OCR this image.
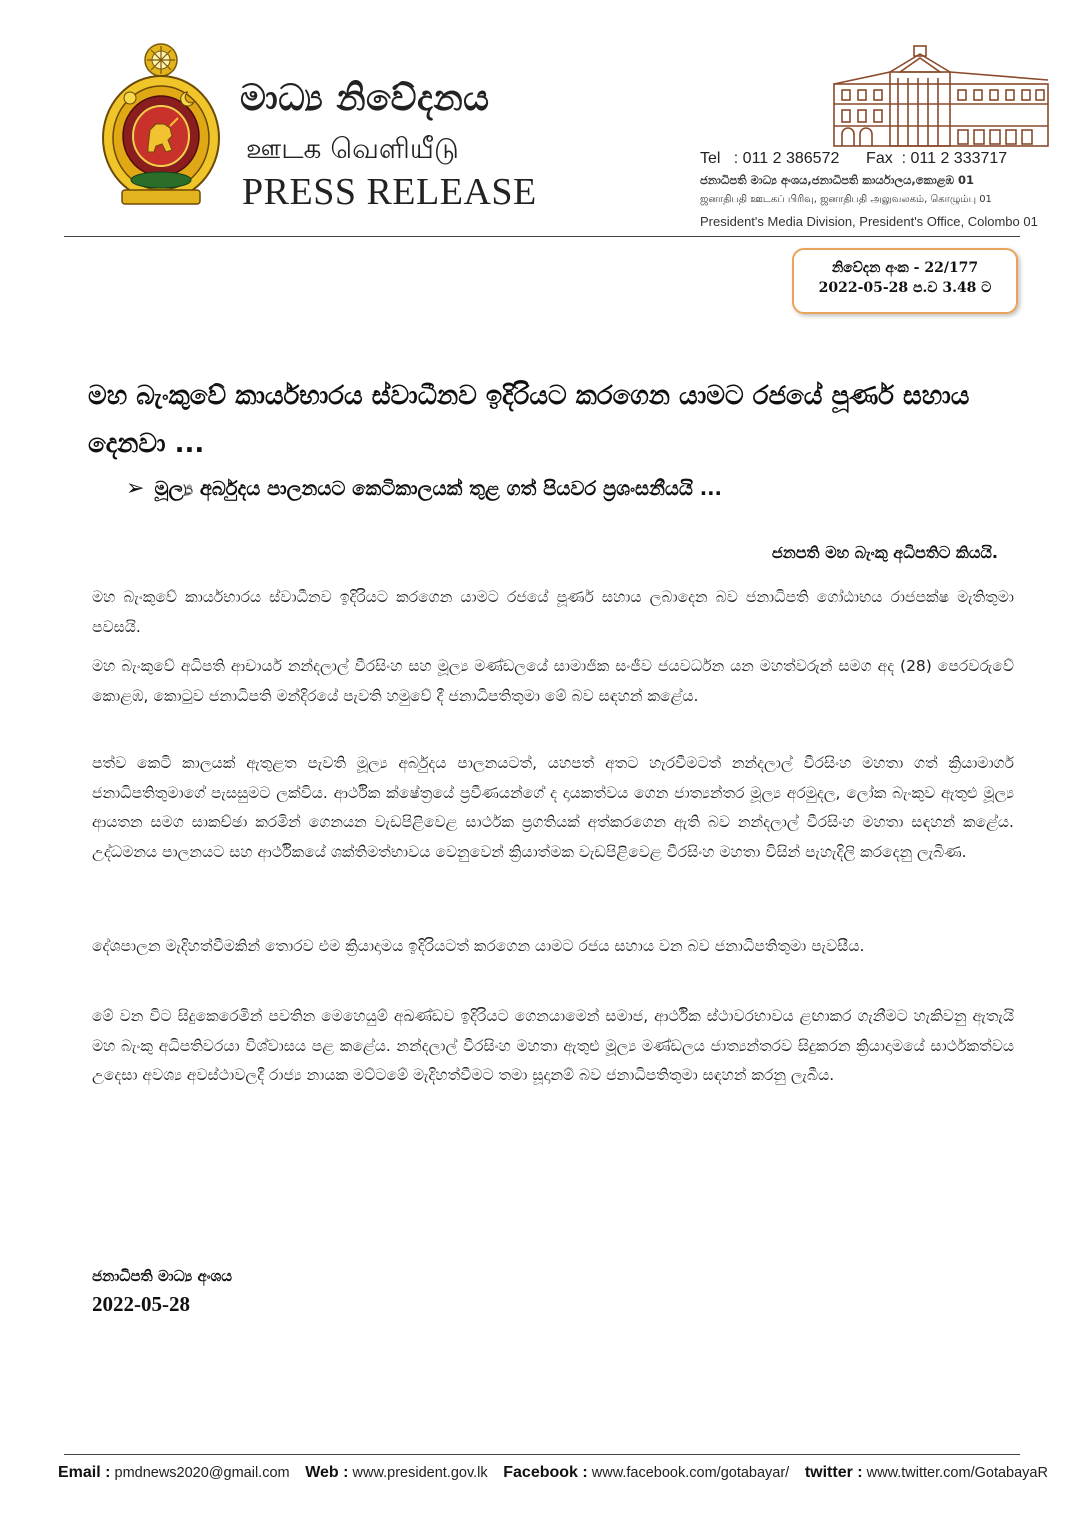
මාධ්‍ය නිවේදනය
ஊடக வெளியீடு
PRESS RELEASE
Tel   : 011 2 386572 Fax  : 011 2 333717
ජනාධිපති මාධ්‍ය අංශය,ජනාධිපති කාර්යාලය,කොළඹ 01
ஜனாதிபதி ஊடகப் பிரிவு, ஜனாதிபதி அலுவலகம், கொழும்பு 01
President's Media Division, President's Office, Colombo 01
නිවේදන අංක - 22/177
2022-05-28 ප.ව 3.48 ට
මහ බැංකුවේ කාර්යභාරය ස්වාධීනව ඉදිරියට කරගෙන යාමට රජයේ පූර්ණ සහාය දෙනවා ...
➢ මූල්‍ය අර්බුදය පාලනයට කෙටිකාලයක් තුළ ගත් පියවර ප්‍රශංසනීයයි ...
ජනපති මහ බැංකු අධිපතිට කියයි.
මහ බැංකුවේ කාර්යභාරය ස්වාධීනව ඉදිරියට කරගෙන යාමට රජයේ පූර්ණ සහාය ලබාදෙන බව ජනාධිපති ගෝඨාභය රාජපක්ෂ මැතිතුමා පවසයි.
මහ බැංකුවේ අධිපති ආචාර්ය නන්දලාල් වීරසිංහ සහ මූල්‍ය මණ්ඩලයේ සාමාජික සංජීව ජයවර්ධන යන මහත්වරුන් සමග අද (28) පෙරවරුවේ කොළඹ, කොටුව ජනාධිපති මන්දිරයේ පැවති හමුවේ දී ජනාධිපතිතුමා මේ බව සඳහන් කළේය.
පත්ව කෙටි කාලයක් ඇතුළත පැවති මූල්‍ය අර්බුදය පාලනයටත්, යහපත් අතට හැරවීමටත් නන්දලාල් වීරසිංහ මහතා ගත් ක්‍රියාමාර්ග ජනාධිපතිතුමාගේ පැසසුමට ලක්විය. ආර්ථික ක්ෂේත්‍රයේ ප්‍රවීණයන්ගේ ද දායකත්වය ගෙන ජාත්‍යන්තර මූල්‍ය අරමුදල, ලෝක බැංකුව ඇතුළු මූල්‍ය ආයතන සමග සාකච්ඡා කරමින් ගෙනයන වැඩපිළිවෙළ සාර්ථක ප්‍රගතියක් අත්කරගෙන ඇති බව නන්දලාල් වීරසිංහ මහතා සඳහන් කළේය. උද්ධමනය පාලනයට සහ ආර්ථිකයේ ශක්තිමත්භාවය වෙනුවෙන් ක්‍රියාත්මක වැඩපිළිවෙළ වීරසිංහ මහතා විසින් පැහැදිලි කරදෙනු ලැබිණ.
දේශපාලන මැදිහත්වීමකින් තොරව එම ක්‍රියාදාමය ඉදිරියටත් කරගෙන යාමට රජය සහාය වන බව ජනාධිපතිතුමා පැවසීය.
මේ වන විට සිදුකෙරෙමින් පවතින මෙහෙයුම් අඛණ්ඩව ඉදිරියට ගෙනයාමෙන් සමාජ, ආර්ථික ස්ථාවරභාවය ළඟාකර ගැනීමට හැකිවනු ඇතැයි මහ බැංකු අධිපතිවරයා විශ්වාසය පළ කළේය. නන්දලාල් වීරසිංහ මහතා ඇතුළු මූල්‍ය මණ්ඩලය ජාත්‍යන්තරව සිදුකරන ක්‍රියාදාමයේ සාර්ථකත්වය උදෙසා අවශ්‍ය අවස්ථාවලදී රාජ්‍ය නායක මට්ටමේ මැදිහත්වීමට තමා සූදානම් බව ජනාධිපතිතුමා සඳහන් කරනු ලැබීය.
ජනාධිපති මාධ්‍ය අංශය
2022-05-28
Email : pmdnews2020@gmail.com Web : www.president.gov.lk Facebook : www.facebook.com/gotabayar/ twitter : www.twitter.com/GotabayaR
